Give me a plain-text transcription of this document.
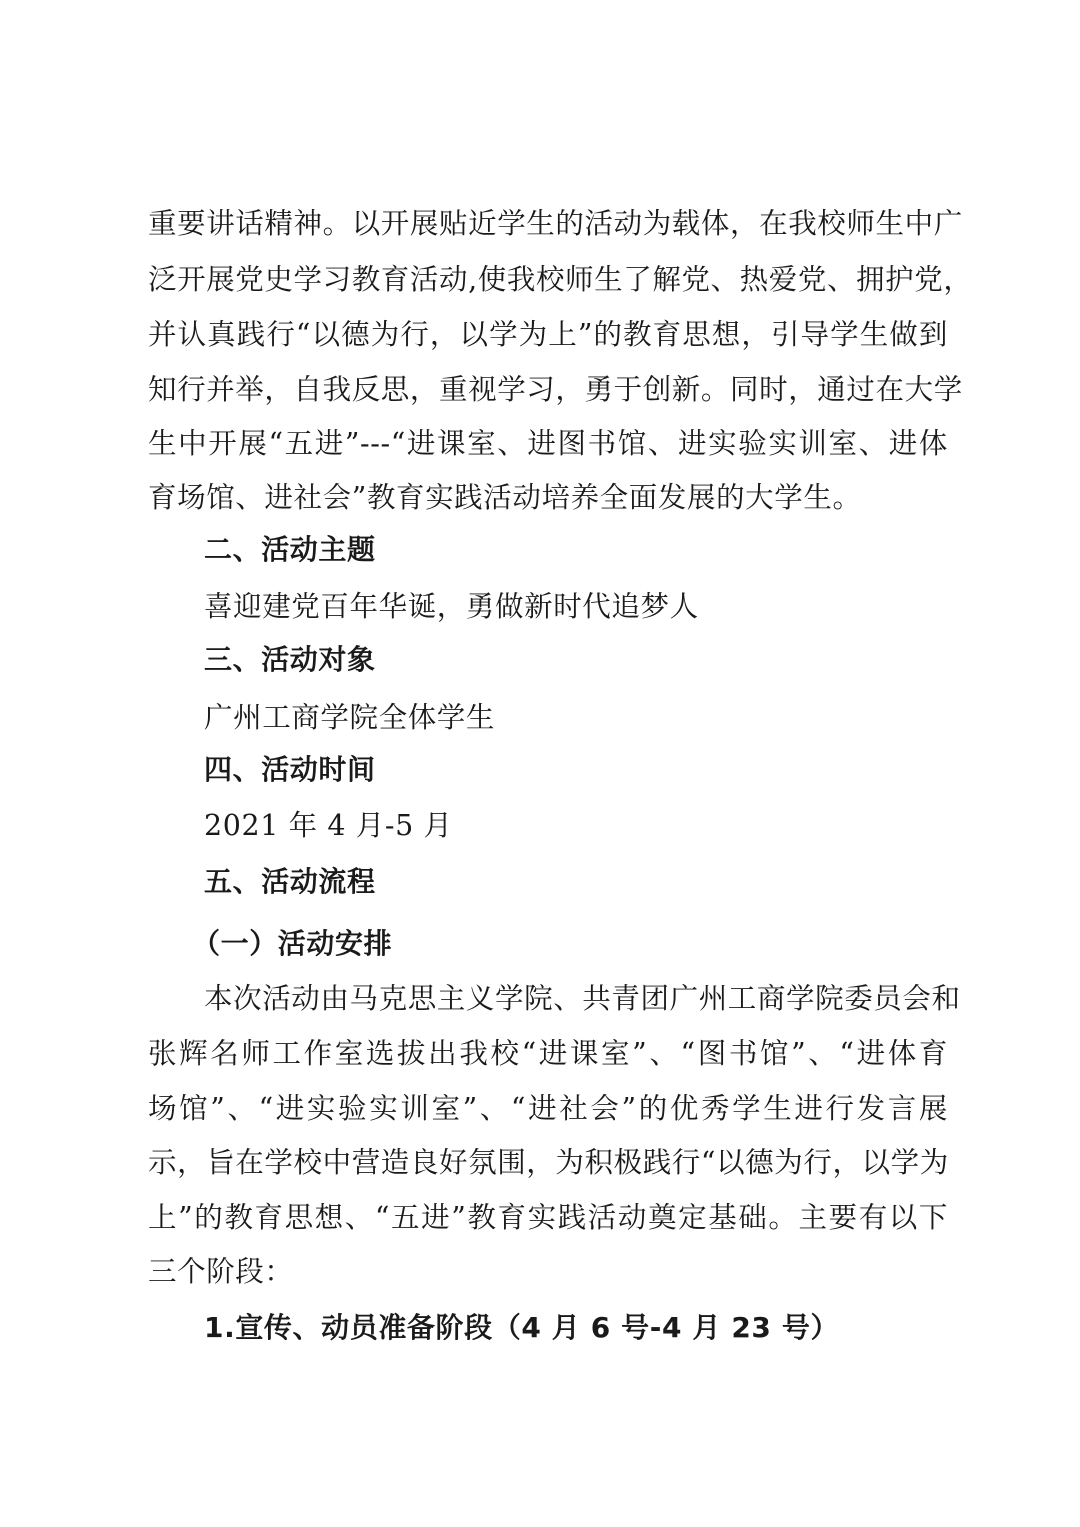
重要讲话精神。以开展贴近学生的活动为载体，在我校师生中广
泛开展党史学习教育活动,使我校师生了解党、热爱党、拥护党，
并认真践行“以德为行，以学为上”的教育思想，引导学生做到
知行并举，自我反思，重视学习，勇于创新。同时，通过在大学
生中开展“五进”---“进课室、进图书馆、进实验实训室、进体
育场馆、进社会”教育实践活动培养全面发展的大学生。
二、活动主题
喜迎建党百年华诞，勇做新时代追梦人
三、活动对象
广州工商学院全体学生
四、活动时间
2021 年 4 月-5 月
五、活动流程
（一）活动安排
本次活动由马克思主义学院、共青团广州工商学院委员会和
张辉名师工作室选拔出我校“进课室”、“图书馆”、“进体育
场馆”、“进实验实训室”、“进社会”的优秀学生进行发言展
示，旨在学校中营造良好氛围，为积极践行“以德为行，以学为
上”的教育思想、“五进”教育实践活动奠定基础。主要有以下
三个阶段：
1.宣传、动员准备阶段（4 月 6 号-4 月 23 号）
